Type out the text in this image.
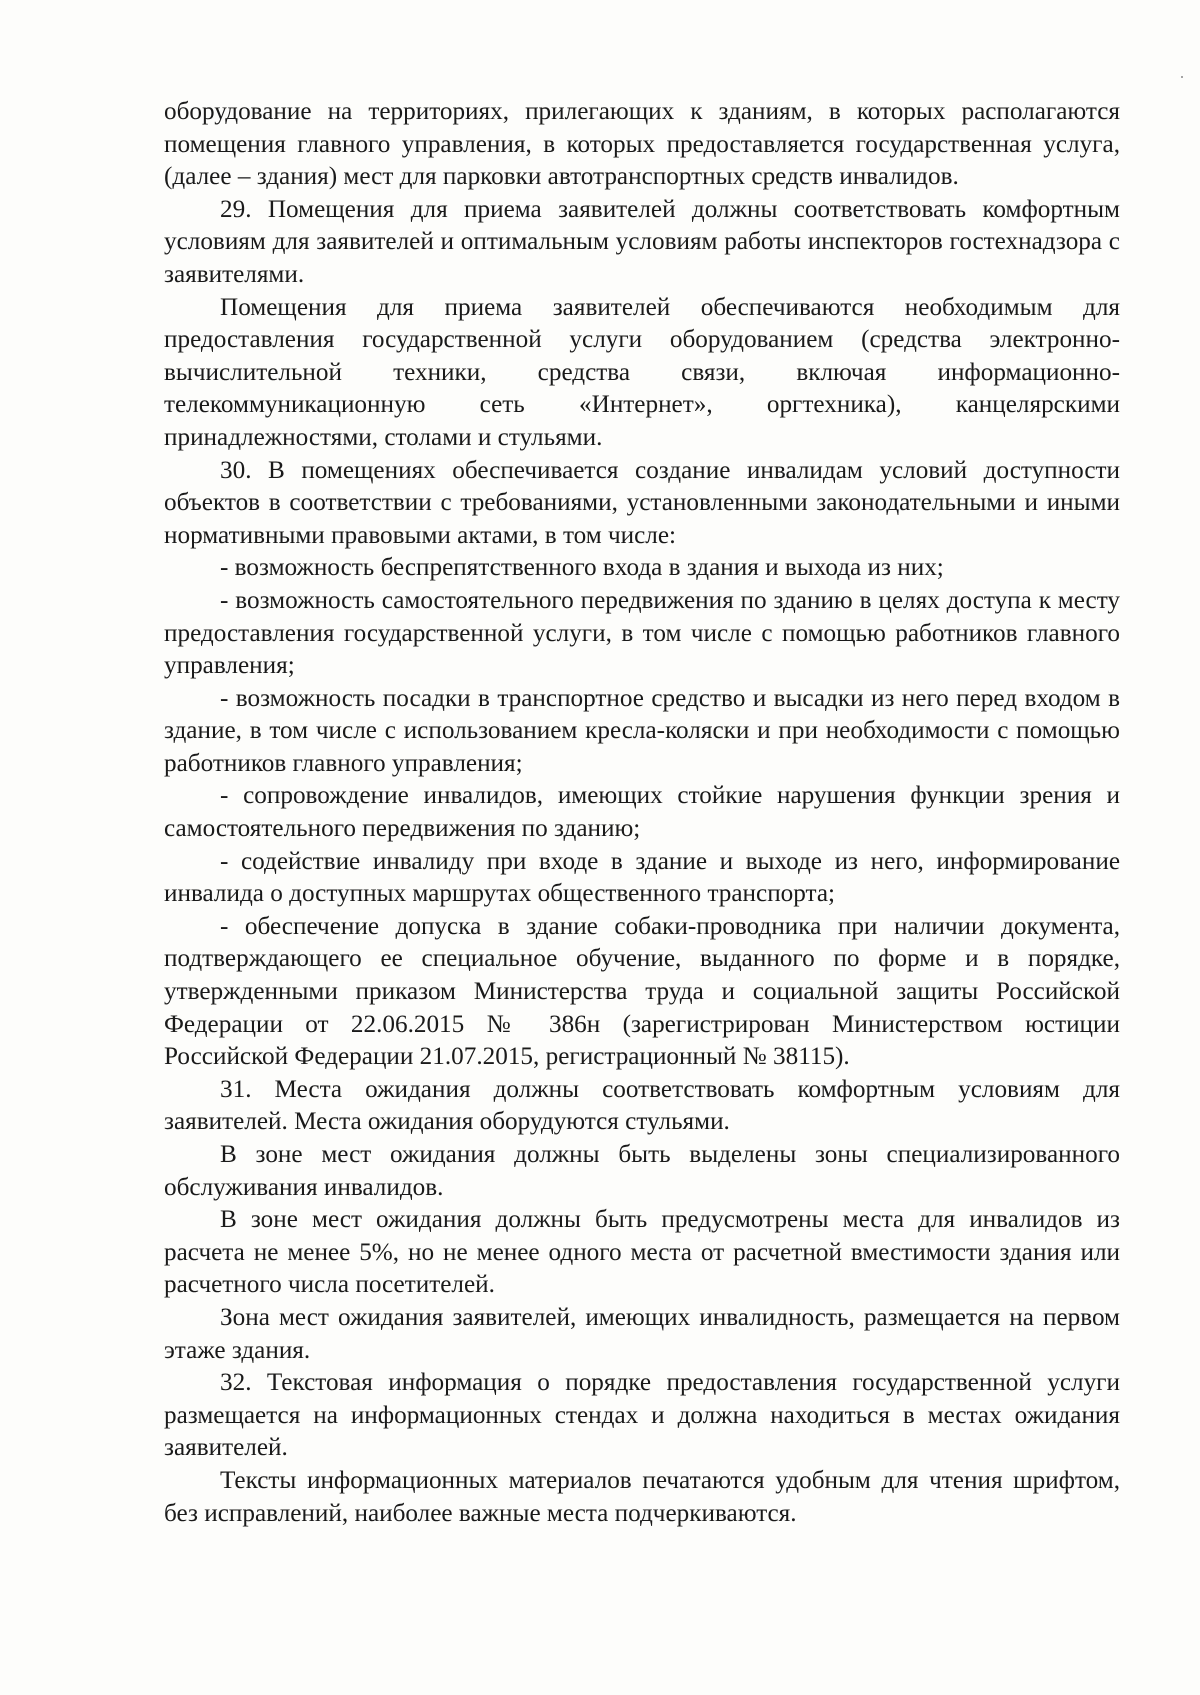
оборудование на территориях, прилегающих к зданиям, в которых располагаются помещения главного управления, в которых предоставляется государственная услуга, (далее – здания) мест для парковки автотранспортных средств инвалидов.

29. Помещения для приема заявителей должны соответствовать комфортным условиям для заявителей и оптимальным условиям работы инспекторов гостехнадзора с заявителями.

Помещения для приема заявителей обеспечиваются необходимым для предоставления государственной услуги оборудованием (средства электронно-вычислительной техники, средства связи, включая информационно-телекоммуникационную сеть «Интернет», оргтехника), канцелярскими принадлежностями, столами и стульями.

30. В помещениях обеспечивается создание инвалидам условий доступности объектов в соответствии с требованиями, установленными законодательными и иными нормативными правовыми актами, в том числе:

- возможность беспрепятственного входа в здания и выхода из них;

- возможность самостоятельного передвижения по зданию в целях доступа к месту предоставления государственной услуги, в том числе с помощью работников главного управления;

- возможность посадки в транспортное средство и высадки из него перед входом в здание, в том числе с использованием кресла-коляски и при необходимости с помощью работников главного управления;

- сопровождение инвалидов, имеющих стойкие нарушения функции зрения и самостоятельного передвижения по зданию;

- содействие инвалиду при входе в здание и выходе из него, информирование инвалида о доступных маршрутах общественного транспорта;

- обеспечение допуска в здание собаки-проводника при наличии документа, подтверждающего ее специальное обучение, выданного по форме и в порядке, утвержденными приказом Министерства труда и социальной защиты Российской Федерации от 22.06.2015 № 386н (зарегистрирован Министерством юстиции Российской Федерации 21.07.2015, регистрационный № 38115).

31. Места ожидания должны соответствовать комфортным условиям для заявителей. Места ожидания оборудуются стульями.

В зоне мест ожидания должны быть выделены зоны специализированного обслуживания инвалидов.

В зоне мест ожидания должны быть предусмотрены места для инвалидов из расчета не менее 5%, но не менее одного места от расчетной вместимости здания или расчетного числа посетителей.

Зона мест ожидания заявителей, имеющих инвалидность, размещается на первом этаже здания.

32. Текстовая информация о порядке предоставления государственной услуги размещается на информационных стендах и должна находиться в местах ожидания заявителей.

Тексты информационных материалов печатаются удобным для чтения шрифтом, без исправлений, наиболее важные места подчеркиваются.
